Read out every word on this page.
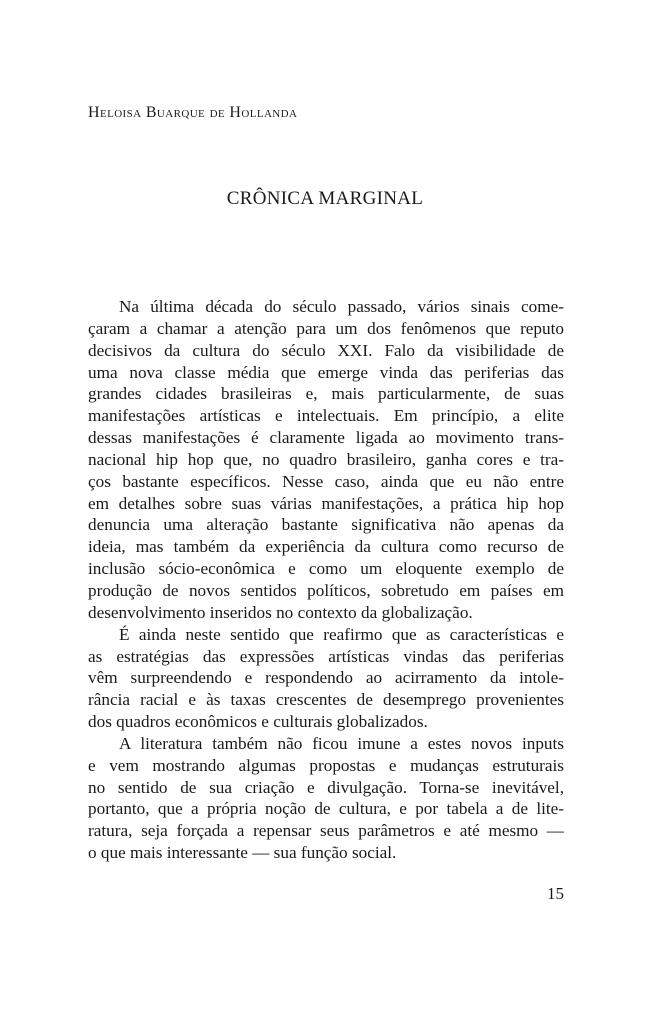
Heloisa Buarque de Hollanda
CRÔNICA MARGINAL
Na última década do século passado, vários sinais come-
çaram a chamar a atenção para um dos fenômenos que reputo
decisivos da cultura do século XXI. Falo da visibilidade de
uma nova classe média que emerge vinda das periferias das
grandes cidades brasileiras e, mais particularmente, de suas
manifestações artísticas e intelectuais. Em princípio, a elite
dessas manifestações é claramente ligada ao movimento trans-
nacional hip hop que, no quadro brasileiro, ganha cores e tra-
ços bastante específicos. Nesse caso, ainda que eu não entre
em detalhes sobre suas várias manifestações, a prática hip hop
denuncia uma alteração bastante significativa não apenas da
ideia, mas também da experiência da cultura como recurso de
inclusão sócio-econômica e como um eloquente exemplo de
produção de novos sentidos políticos, sobretudo em países em
desenvolvimento inseridos no contexto da globalização.
É ainda neste sentido que reafirmo que as características e
as estratégias das expressões artísticas vindas das periferias
vêm surpreendendo e respondendo ao acirramento da intole-
rância racial e às taxas crescentes de desemprego provenientes
dos quadros econômicos e culturais globalizados.
A literatura também não ficou imune a estes novos inputs
e vem mostrando algumas propostas e mudanças estruturais
no sentido de sua criação e divulgação. Torna-se inevitável,
portanto, que a própria noção de cultura, e por tabela a de lite-
ratura, seja forçada a repensar seus parâmetros e até mesmo —
o que mais interessante — sua função social.
15
